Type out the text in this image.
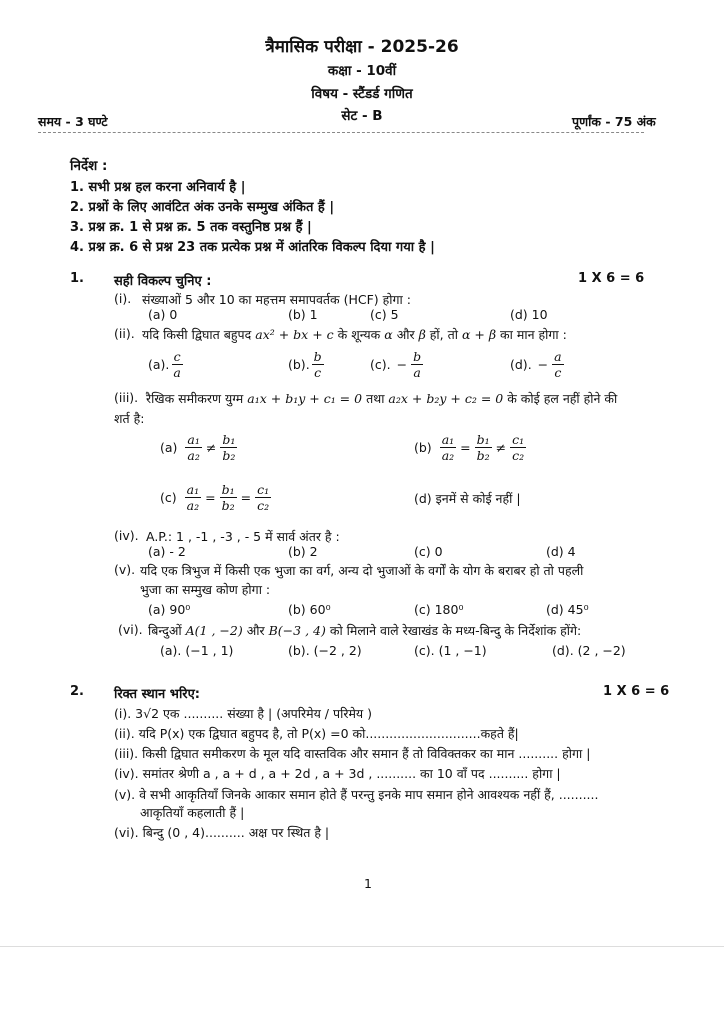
त्रैमासिक परीक्षा - 2025-26
कक्षा - 10वीं
विषय - स्टैंडर्ड गणित
सेट - B
समय - 3 घण्टे	पूर्णांक - 75 अंक
निर्देश :
1. सभी प्रश्न हल करना अनिवार्य है |
2. प्रश्नों के लिए आवंटित अंक उनके सम्मुख अंकित हैं |
3. प्रश्न क्र. 1 से प्रश्न क्र. 5 तक वस्तुनिष्ठ प्रश्न हैं |
4. प्रश्न क्र. 6 से प्रश्न 23 तक प्रत्येक प्रश्न में आंतरिक विकल्प दिया गया है |
1. सही विकल्प चुनिए :	1 X 6 = 6
(i). संख्याओं 5 और 10 का महत्तम समापवर्तक (HCF) होगा :
(a) 0	(b) 1	(c) 5	(d) 10
(ii). यदि किसी द्विघात बहुपद ax² + bx + c के शून्यक α और β हों, तो α + β का मान होगा :
(a). $\frac{c}{a}$	(b). $\frac{b}{c}$	(c). − $\frac{b}{a}$	(d). − $\frac{a}{c}$
(iii). रैखिक समीकरण युग्म a₁x + b₁y + c₁ = 0 तथा a₂x + b₂y + c₂ = 0 के कोई हल नहीं होने की
शर्त है:
$(a) \frac{\text{a₁}}{\text{a₂}} \ne \frac{\text{b₁}}{\text{b₂}}$	$(b) \frac{\text{a₁}}{\text{a₂}} = \frac{\text{b₁}}{\text{b₂}} \ne \frac{\text{c₁}}{\text{c₂}}$
$(c) \frac{\text{a₁}}{\text{a₂}} = \frac{\text{b₁}}{\text{b₂}} = \frac{\text{c₁}}{\text{c₂}}$	(d) इनमें से कोई नहीं |
(iv). A.P.: 1 , -1 , -3 , - 5 में सार्व अंतर है :
(a) - 2	(b) 2	(c) 0	(d) 4
(v). यदि एक त्रिभुज में किसी एक भुजा का वर्ग, अन्य दो भुजाओं के वर्गों के योग के बराबर हो तो पहली
भुजा का सम्मुख कोण होगा :
(a) 90⁰	(b) 60⁰	(c) 180⁰	(d) 45⁰
(vi). बिन्दुओं A(1 , −2) और B(−3 , 4) को मिलाने वाले रेखाखंड के मध्य-बिन्दु के निर्देशांक होंगे:
(a). (−1 , 1)	(b). (−2 , 2)	(c). (1 , −1)	(d). (2 , −2)
2. रिक्त स्थान भरिए:	1 X 6 = 6
(i). 3√2 एक .......... संख्या है | (अपरिमेय / परिमेय )
(ii). यदि P(x) एक द्विघात बहुपद है, तो P(x) =0 को.............................कहते हैं|
(iii). किसी द्विघात समीकरण के मूल यदि वास्तविक और समान हैं तो विविक्तकर का मान .......... होगा |
(iv). समांतर श्रेणी a , a + d , a + 2d , a + 3d , .......... का 10 वाँ पद .......... होगा |
(v). वे सभी आकृतियाँ जिनके आकार समान होते हैं परन्तु इनके माप समान होने आवश्यक नहीं हैं, ..........
आकृतियाँ कहलाती हैं |
(vi). बिन्दु (0 , 4).......... अक्ष पर स्थित है |
1
